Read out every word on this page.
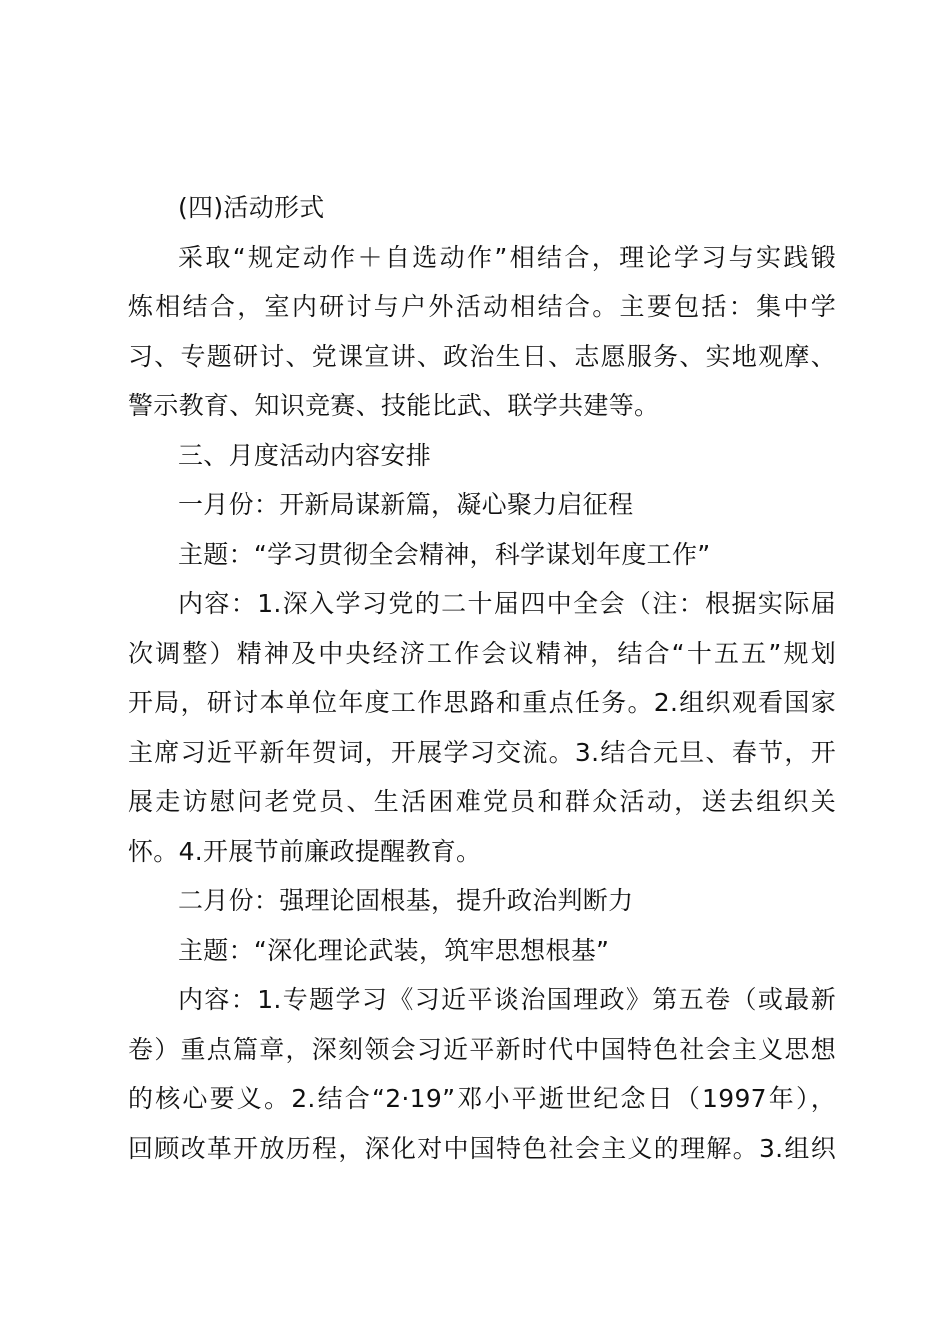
(四)活动形式
采取“规定动作＋自选动作”相结合，理论学习与实践锻
炼相结合，室内研讨与户外活动相结合。主要包括：集中学
习、专题研讨、党课宣讲、政治生日、志愿服务、实地观摩、
警示教育、知识竞赛、技能比武、联学共建等。
三、月度活动内容安排
一月份：开新局谋新篇，凝心聚力启征程
主题：“学习贯彻全会精神，科学谋划年度工作”
内容：1.深入学习党的二十届四中全会（注：根据实际届
次调整）精神及中央经济工作会议精神，结合“十五五”规划
开局，研讨本单位年度工作思路和重点任务。2.组织观看国家
主席习近平新年贺词，开展学习交流。3.结合元旦、春节，开
展走访慰问老党员、生活困难党员和群众活动，送去组织关
怀。4.开展节前廉政提醒教育。
二月份：强理论固根基，提升政治判断力
主题：“深化理论武装，筑牢思想根基”
内容：1.专题学习《习近平谈治国理政》第五卷（或最新
卷）重点篇章，深刻领会习近平新时代中国特色社会主义思想
的核心要义。2.结合“2·19”邓小平逝世纪念日（1997年），
回顾改革开放历程，深化对中国特色社会主义的理解。3.组织
